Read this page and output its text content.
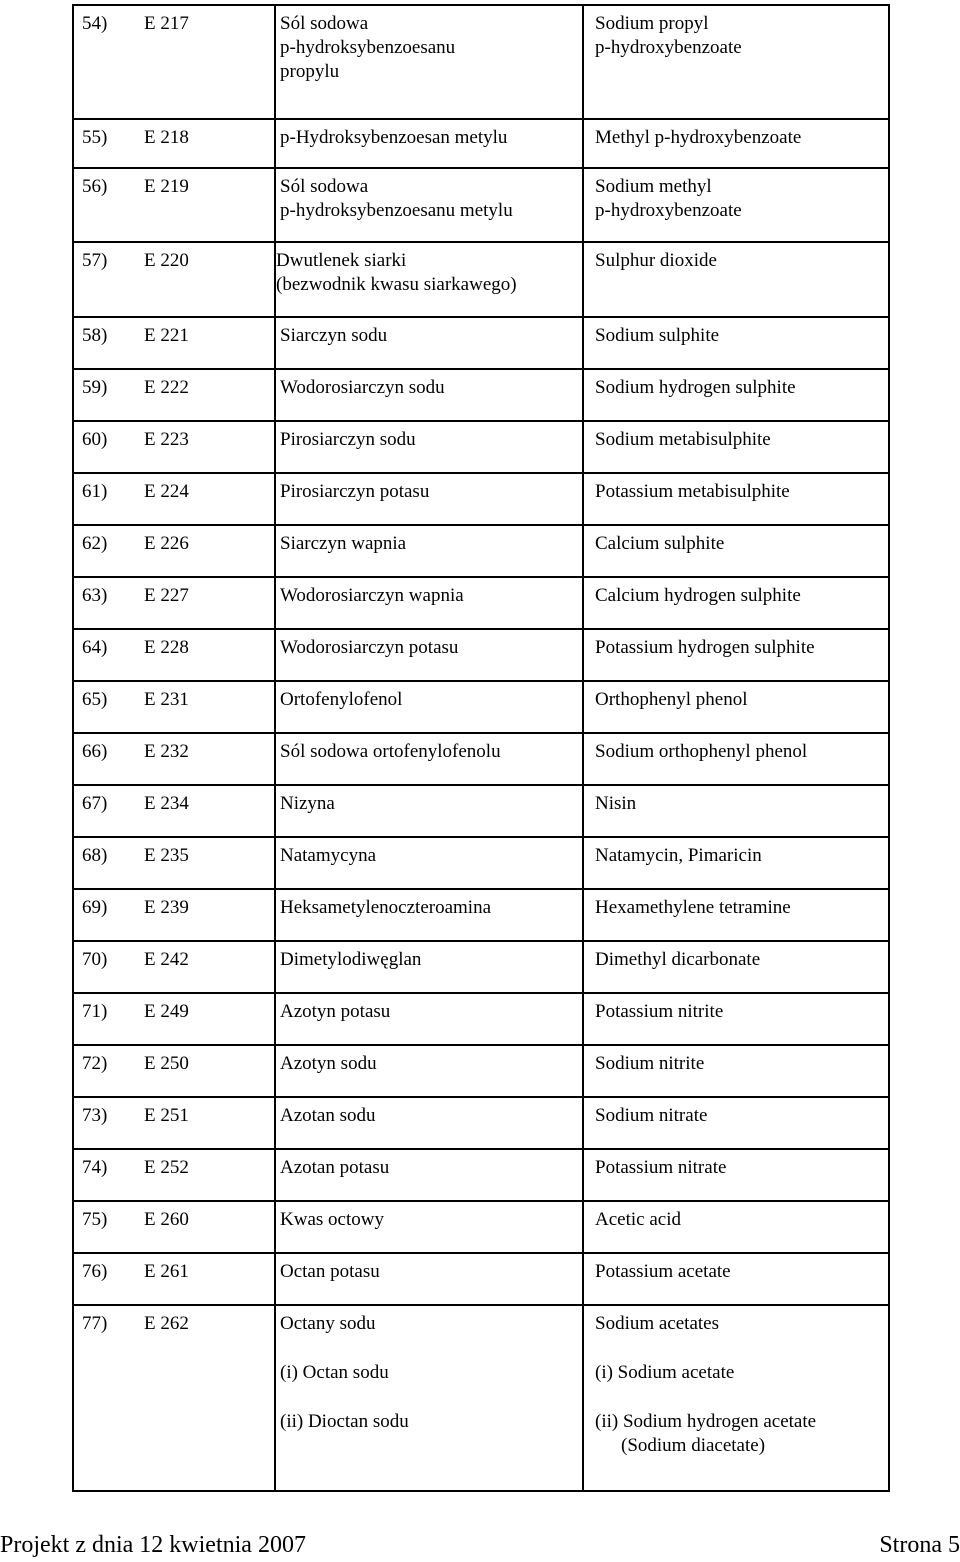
54) E 217	Sól sodowa
p-hydroksybenzoesanu
propylu	Sodium propyl
p-hydroxybenzoate

55) E 218	p-Hydroksybenzoesan metylu	Methyl p-hydroxybenzoate

56) E 219	Sól sodowa
p-hydroksybenzoesanu metylu	Sodium methyl
p-hydroxybenzoate

57) E 220	Dwutlenek siarki
(bezwodnik kwasu siarkawego)	Sulphur dioxide

58) E 221	Siarczyn sodu	Sodium sulphite

59) E 222	Wodorosiarczyn sodu	Sodium hydrogen sulphite

60) E 223	Pirosiarczyn sodu	Sodium metabisulphite

61) E 224	Pirosiarczyn potasu	Potassium metabisulphite

62) E 226	Siarczyn wapnia	Calcium sulphite

63) E 227	Wodorosiarczyn wapnia	Calcium hydrogen sulphite

64) E 228	Wodorosiarczyn potasu	Potassium hydrogen sulphite

65) E 231	Ortofenylofenol	Orthophenyl phenol

66) E 232	Sól sodowa ortofenylofenolu	Sodium orthophenyl phenol

67) E 234	Nizyna	Nisin

68) E 235	Natamycyna	Natamycin, Pimaricin

69) E 239	Heksametylenoczteroamina	Hexamethylene tetramine

70) E 242	Dimetylodiwęglan	Dimethyl dicarbonate

71) E 249	Azotyn potasu	Potassium nitrite

72) E 250	Azotyn sodu	Sodium nitrite

73) E 251	Azotan sodu	Sodium nitrate

74) E 252	Azotan potasu	Potassium nitrate

75) E 260	Kwas octowy	Acetic acid

76) E 261	Octan potasu	Potassium acetate

77) E 262	Octany sodu
(i) Octan sodu
(ii) Dioctan sodu	Sodium acetates
(i) Sodium acetate
(ii) Sodium hydrogen acetate
(Sodium diacetate)
Projekt z dnia 12 kwietnia 2007	Strona 5
